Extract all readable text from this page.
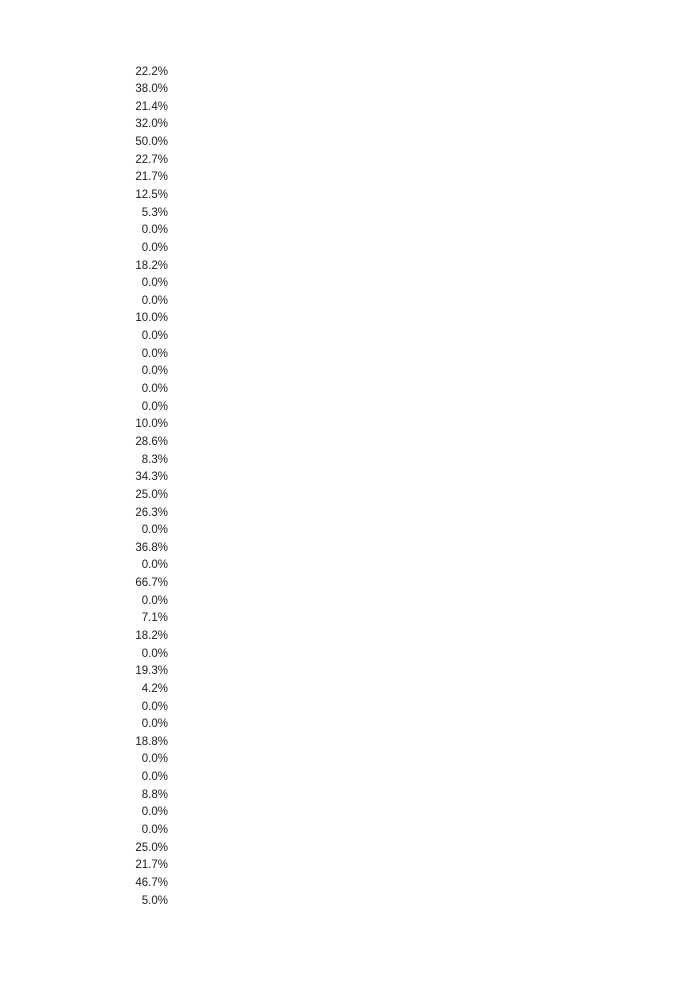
22.2%
38.0%
21.4%
32.0%
50.0%
22.7%
21.7%
12.5%
5.3%
0.0%
0.0%
18.2%
0.0%
0.0%
10.0%
0.0%
0.0%
0.0%
0.0%
0.0%
10.0%
28.6%
8.3%
34.3%
25.0%
26.3%
0.0%
36.8%
0.0%
66.7%
0.0%
7.1%
18.2%
0.0%
19.3%
4.2%
0.0%
0.0%
18.8%
0.0%
0.0%
8.8%
0.0%
0.0%
25.0%
21.7%
46.7%
5.0%
